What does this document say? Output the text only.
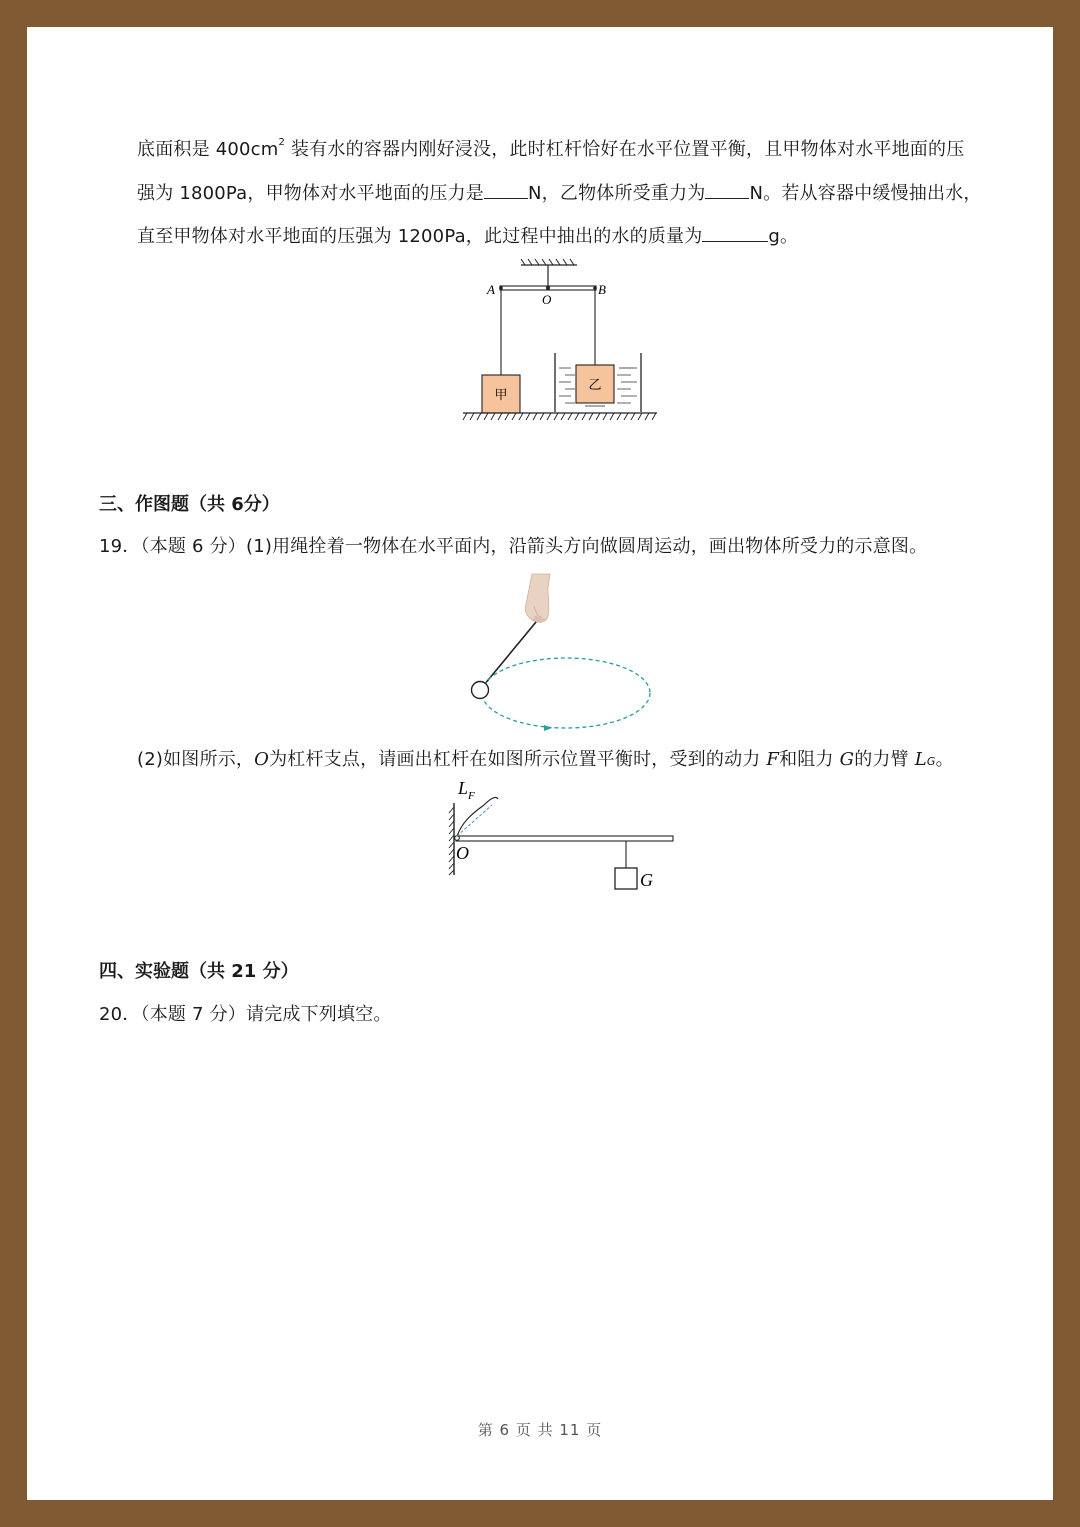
底面积是 $400cm^2$ 装有水的容器内刚好浸没，此时杠杆恰好在水平位置平衡，且甲物体对水平地面的压
强为 1800Pa，甲物体对水平地面的压力是 N，乙物体所受重力为 N。若从容器中缓慢抽出水，
直至甲物体对水平地面的压强为 1200Pa，此过程中抽出的水的质量为	g。
A
O
B
甲
乙
三、作图题（共 6分）
19．（本题 6 分）(1)用绳拴着一物体在水平面内，沿箭头方向做圆周运动，画出物体所受力的示意图。
(2)如图所示，O为杠杆支点，请画出杠杆在如图所示位置平衡时，受到的动力 F和阻力 G的力臂 LG。
$L_F$
O
G
四、实验题（共 21 分）
20．（本题 7 分）请完成下列填空。
第 6 页 共 11 页
